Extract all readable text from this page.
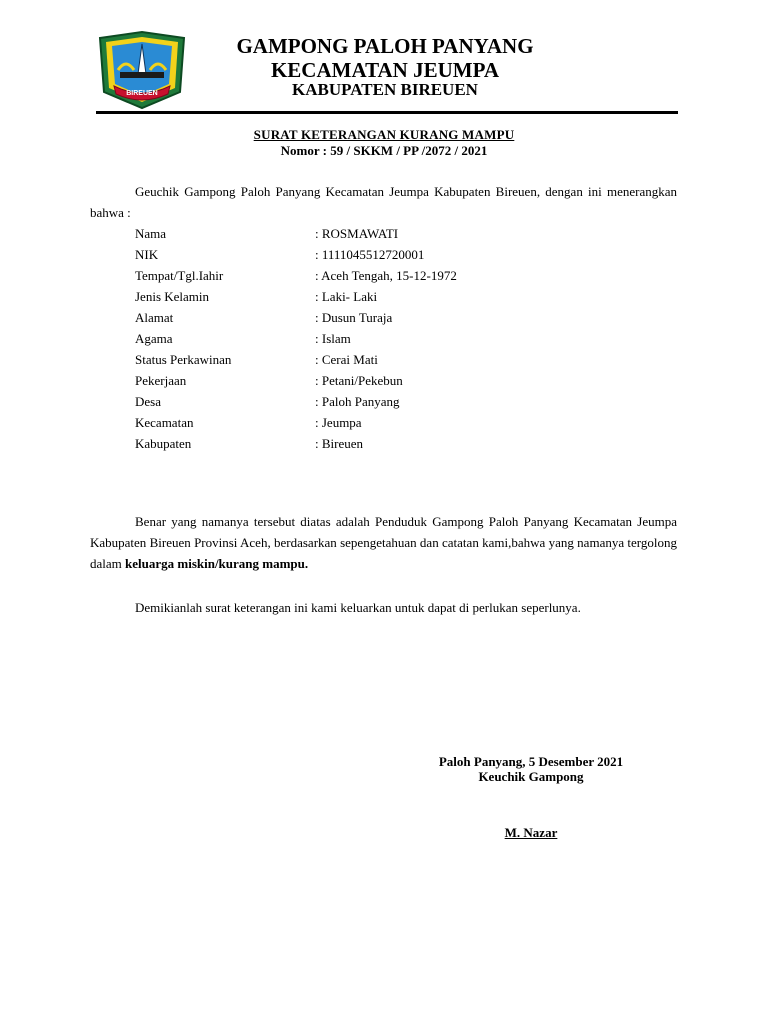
BIREUEN
GAMPONG PALOH PANYANG
KECAMATAN JEUMPA
KABUPATEN BIREUEN
SURAT KETERANGAN KURANG MAMPU
Nomor : 59 / SKKM / PP /2072 / 2021
Geuchik Gampong Paloh Panyang Kecamatan Jeumpa Kabupaten Bireuen, dengan ini menerangkan bahwa :
Nama	: ROSMAWATI
NIK	: 1111045512720001
Tempat/Tgl.Iahir	: Aceh Tengah, 15-12-1972
Jenis Kelamin	: Laki- Laki
Alamat	: Dusun Turaja
Agama	: Islam
Status Perkawinan	: Cerai Mati
Pekerjaan	: Petani/Pekebun
Desa	: Paloh Panyang
Kecamatan	: Jeumpa
Kabupaten	: Bireuen
Benar yang namanya tersebut diatas adalah Penduduk Gampong Paloh Panyang Kecamatan Jeumpa Kabupaten Bireuen Provinsi Aceh, berdasarkan sepengetahuan dan catatan kami,bahwa yang namanya tergolong dalam keluarga miskin/kurang mampu.
Demikianlah surat keterangan ini kami keluarkan untuk dapat di perlukan seperlunya.
Paloh Panyang, 5 Desember 2021
Keuchik Gampong
M. Nazar
